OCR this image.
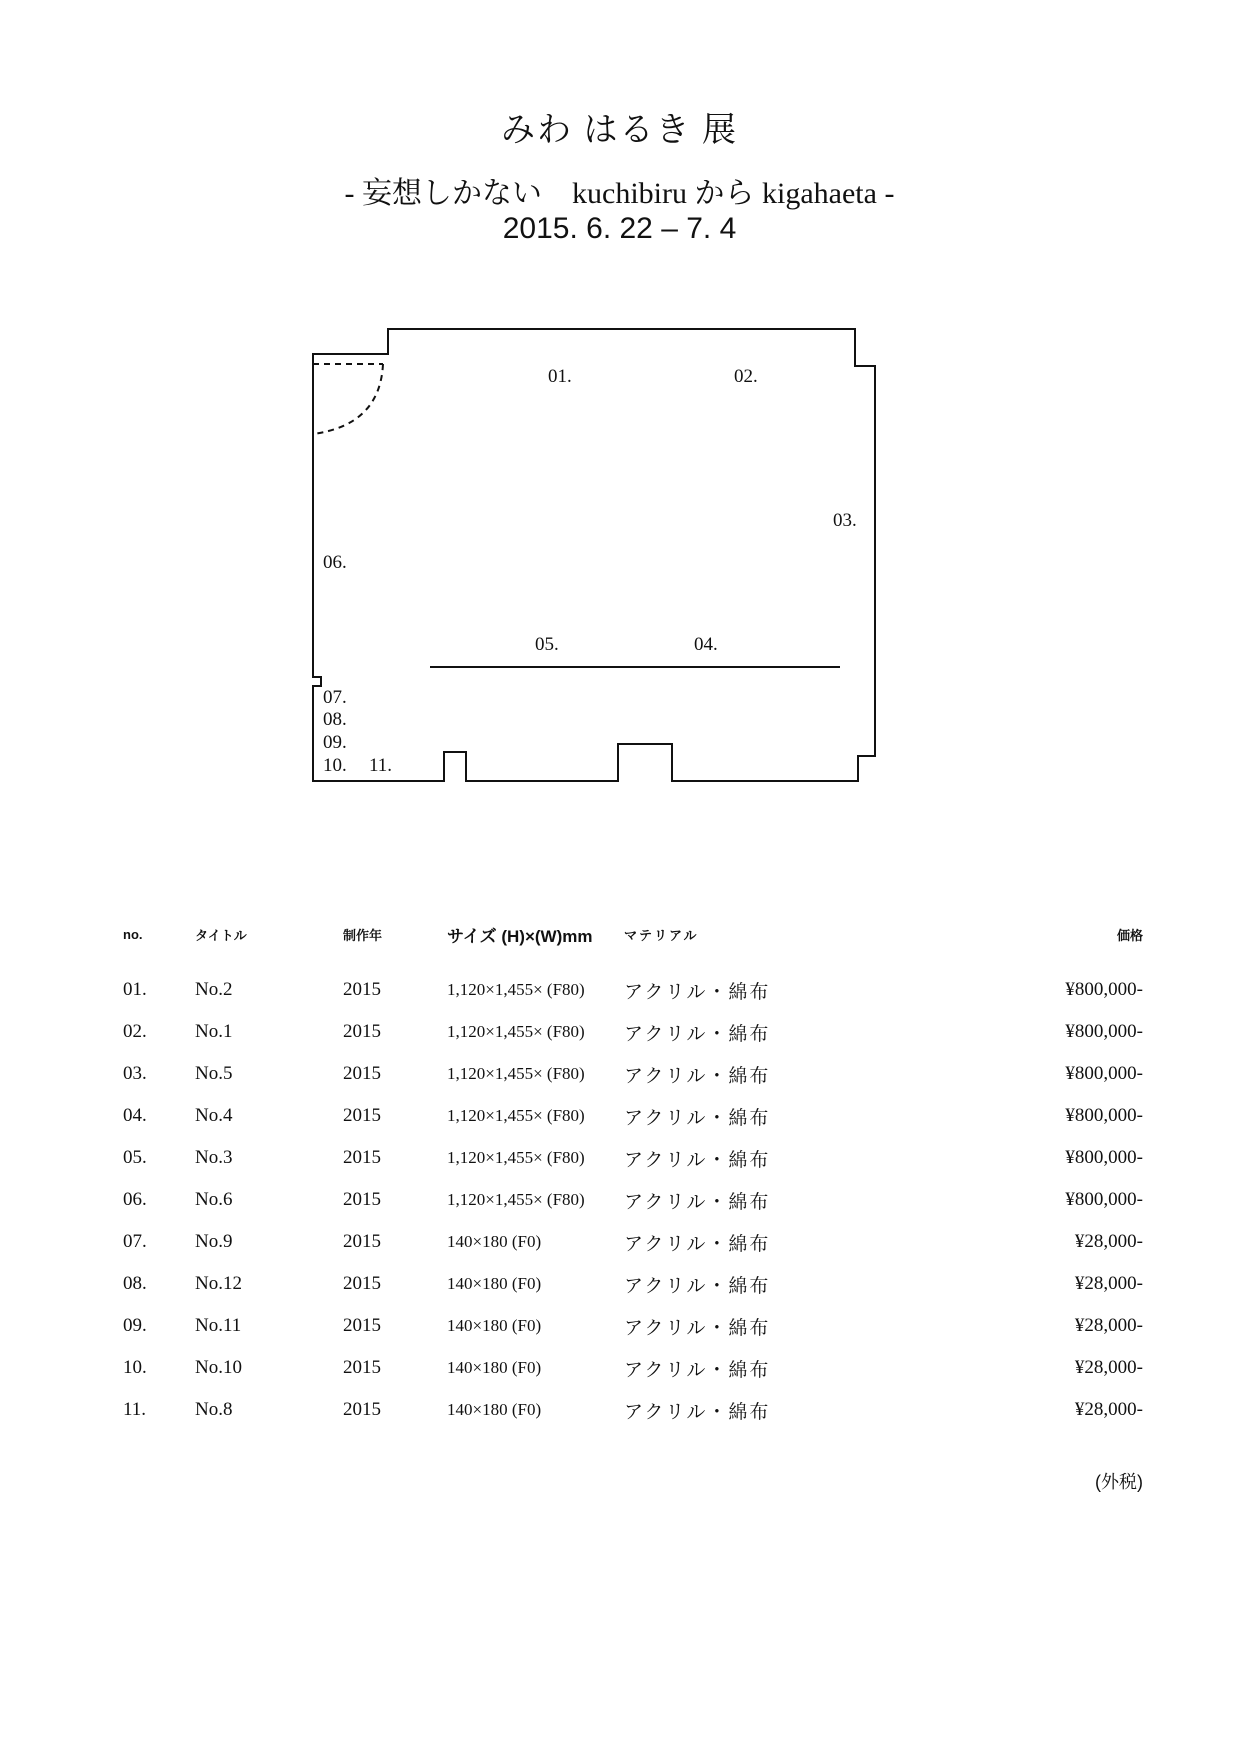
みわ はるき 展
- 妄想しかない　kuchibiru から kigahaeta -
2015. 6. 22 – 7. 4
01.	02.
03.
04.
05.
06.
07.
08.
09.
10. 11.
no.	タイトル	制作年	サイズ (H)×(W)mm	マテリアル	価格
01.	No.2	2015	1,120×1,455× (F80)	アクリル・綿布	¥800,000-
02.	No.1	2015	1,120×1,455× (F80)	アクリル・綿布	¥800,000-
03.	No.5	2015	1,120×1,455× (F80)	アクリル・綿布	¥800,000-
04.	No.4	2015	1,120×1,455× (F80)	アクリル・綿布	¥800,000-
05.	No.3	2015	1,120×1,455× (F80)	アクリル・綿布	¥800,000-
06.	No.6	2015	1,120×1,455× (F80)	アクリル・綿布	¥800,000-
07.	No.9	2015	140×180 (F0)	アクリル・綿布	¥28,000-
08.	No.12	2015	140×180 (F0)	アクリル・綿布	¥28,000-
09.	No.11	2015	140×180 (F0)	アクリル・綿布	¥28,000-
10.	No.10	2015	140×180 (F0)	アクリル・綿布	¥28,000-
11.	No.8	2015	140×180 (F0)	アクリル・綿布	¥28,000-
(外税)
